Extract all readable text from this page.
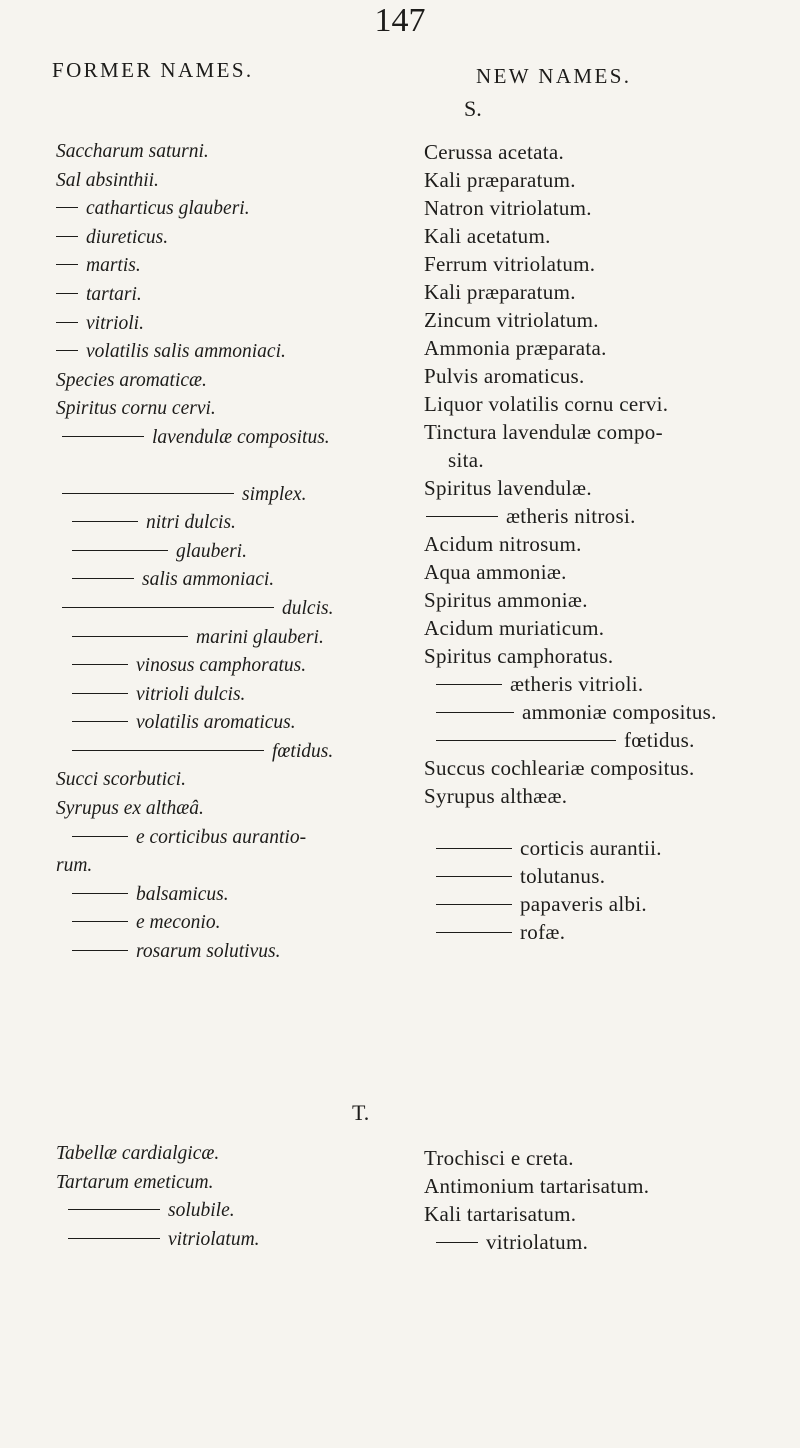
147
FORMER NAMES.	NEW NAMES.
S.
Saccharum saturni.
Sal absinthii.
catharticus glauberi.
diureticus.
martis.
tartari.
vitrioli.
volatilis salis ammoniaci.
Species aromaticæ.
Spiritus cornu cervi.
lavendulæ compositus.
simplex.
nitri dulcis.
glauberi.
salis ammoniaci.
dulcis.
marini glauberi.
vinosus camphoratus.
vitrioli dulcis.
volatilis aromaticus.
fœtidus.
Succi scorbutici.
Syrupus ex althæâ.
e corticibus aurantio-
rum.
balsamicus.
e meconio.
rosarum solutivus.
Cerussa acetata.
Kali præparatum.
Natron vitriolatum.
Kali acetatum.
Ferrum vitriolatum.
Kali præparatum.
Zincum vitriolatum.
Ammonia præparata.
Pulvis aromaticus.
Liquor volatilis cornu cervi.
Tinctura lavendulæ compo-
sita.
Spiritus lavendulæ.
ætheris nitrosi.
Acidum nitrosum.
Aqua ammoniæ.
Spiritus ammoniæ.
Acidum muriaticum.
Spiritus camphoratus.
ætheris vitrioli.
ammoniæ compositus.
fœtidus.
Succus cochleariæ compositus.
Syrupus althææ.
corticis aurantii.
tolutanus.
papaveris albi.
rofæ.
T.
Tabellæ cardialgicæ.
Tartarum emeticum.
solubile.
vitriolatum.
Trochisci e creta.
Antimonium tartarisatum.
Kali tartarisatum.
vitriolatum.
